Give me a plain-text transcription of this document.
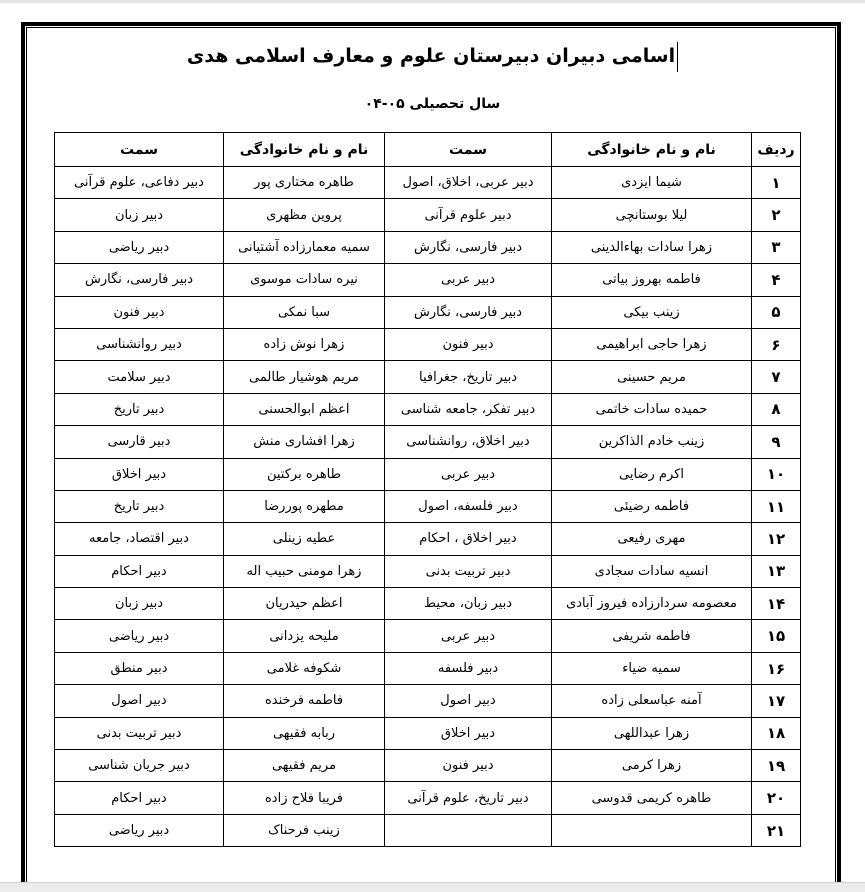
اسامی دبیران دبیرستان علوم و معارف اسلامی هدی
سال تحصیلی ۰۵-۰۴
ردیف	نام و نام خانوادگی	سمت	نام و نام خانوادگی	سمت
۱	شیما ایزدی	دبیر عربی، اخلاق، اصول	طاهره مختاری پور	دبیر دفاعی، علوم قرآنی
۲	لیلا بوستانچی	دبیر علوم قرآنی	پروین مظهری	دبیر زبان
۳	زهرا سادات بهاءالدینی	دبیر فارسی، نگارش	سمیه معمارزاده آشتیانی	دبیر ریاضی
۴	فاطمه بهروز بیاتی	دبیر عربی	نیره سادات موسوی	دبیر فارسی، نگارش
۵	زینب بیکی	دبیر فارسی، نگارش	سبا نمکی	دبیر فنون
۶	زهرا حاجی ابراهیمی	دبیر فنون	زهرا نوش زاده	دبیر روانشناسی
۷	مریم حسینی	دبیر تاریخ، جغرافیا	مریم هوشیار طالمی	دبیر سلامت
۸	حمیده سادات خاتمی	دبیر تفکر، جامعه شناسی	اعظم ابوالحسنی	دبیر تاریخ
۹	زینب خادم الذاکرین	دبیر اخلاق، روانشناسی	زهرا افشاری منش	دبیر قارسی
۱۰	اکرم رضایی	دبیر عربی	طاهره برکتین	دبیر اخلاق
۱۱	فاطمه رضیئی	دبیر فلسفه، اصول	مطهره پوررضا	دبیر تاریخ
۱۲	مهری رفیعی	دبیر اخلاق ، احکام	عطیه زینلی	دبیر اقتصاد، جامعه
۱۳	انسیه سادات سجادی	دبیر تربیت بدنی	زهرا مومنی حبیب اله	دبیر احکام
۱۴	معصومه سردارزاده فیروز آبادی	دبیر زبان، محیط	اعظم حیدریان	دبیر زبان
۱۵	فاطمه شریفی	دبیر عربی	ملیحه یزدانی	دبیر ریاضی
۱۶	سمیه ضیاء	دبیر فلسفه	شکوفه غلامی	دبیر منطق
۱۷	آمنه عباسعلی زاده	دبیر اصول	فاطمه فرخنده	دبیر اصول
۱۸	زهرا عبداللهی	دبیر اخلاق	ربابه فقیهی	دبیر تربیت بدنی
۱۹	زهرا کرمی	دبیر فنون	مریم فقیهی	دبیر جریان شناسی
۲۰	طاهره کریمی قدوسی	دبیر تاریخ، علوم قرآنی	فریبا فلاح زاده	دبیر احکام
۲۱			زینب فرحناک	دبیر ریاضی
